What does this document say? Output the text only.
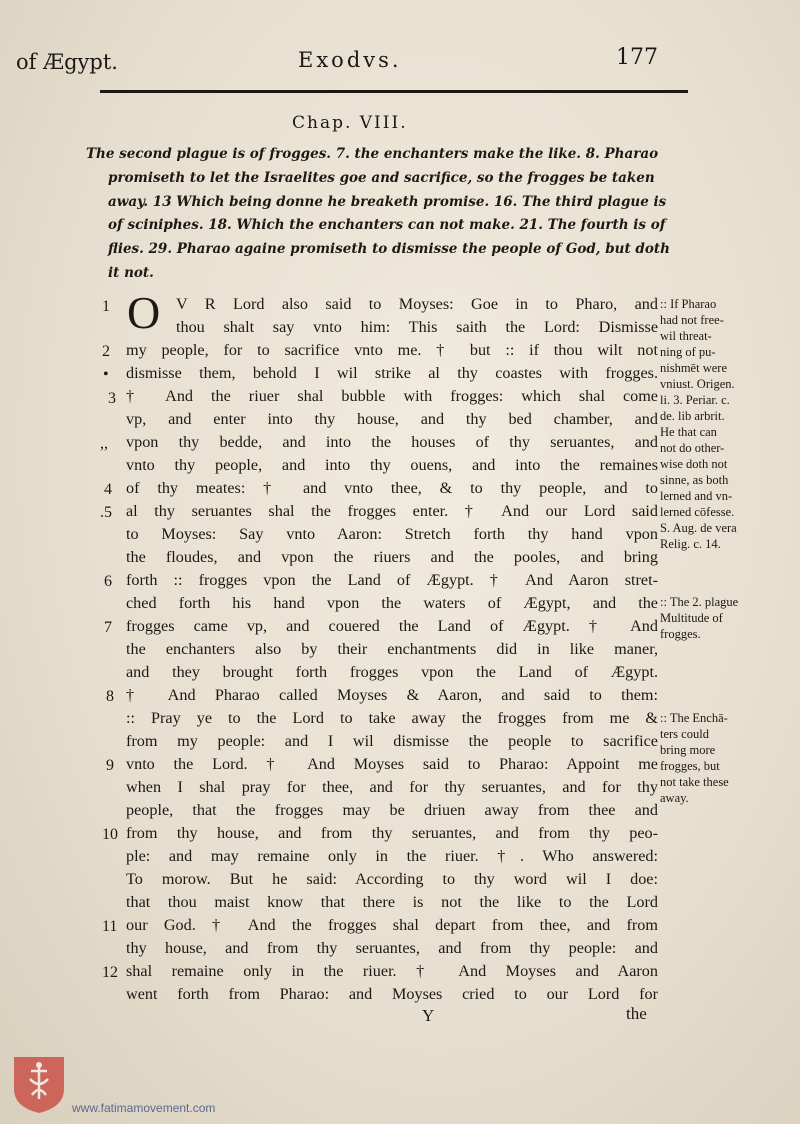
of Ægypt.	Exodvs.	177
Chap. VIII.
The second plague is of frogges. 7. the enchanters make the like. 8. Pharao
promiseth to let the Israelites goe and sacrifice, so the frogges be taken
away. 13 Which being donne he breaketh promise. 16. The third plague is
of sciniphes. 18. Which the enchanters can not make. 21. The fourth is of
flies. 29. Pharao againe promiseth to dismisse the people of God, but doth
it not.
O V R Lord also said to Moyses: Goe in to Pharo, and
thou shalt say vnto him: This saith the Lord: Dismisse
my people, for to sacrifice vnto me. † but :: if thou wilt not
dismisse them, behold I wil strike al thy coastes with frogges.
† And the riuer shal bubble with frogges: which shal come
vp, and enter into thy house, and thy bed chamber, and
vpon thy bedde, and into the houses of thy seruantes, and
vnto thy people, and into thy ouens, and into the remaines
of thy meates: † and vnto thee, & to thy people, and to
al thy seruantes shal the frogges enter. † And our Lord said
to Moyses: Say vnto Aaron: Stretch forth thy hand vpon
the floudes, and vpon the riuers and the pooles, and bring
forth :: frogges vpon the Land of Ægypt. † And Aaron stret-
ched forth his hand vpon the waters of Ægypt, and the
frogges came vp, and couered the Land of Ægypt. † And
the enchanters also by their enchantments did in like maner,
and they brought forth frogges vpon the Land of Ægypt.
† And Pharao called Moyses & Aaron, and said to them:
:: Pray ye to the Lord to take away the frogges from me &
from my people: and I wil dismisse the people to sacrifice
vnto the Lord. † And Moyses said to Pharao: Appoint me
when I shal pray for thee, and for thy seruantes, and for thy
people, that the frogges may be driuen away from thee and
from thy house, and from thy seruantes, and from thy peo-
ple: and may remaine only in the riuer. †. Who answered:
To morow. But he said: According to thy word wil I doe:
that thou maist know that there is not the like to the Lord
our God. † And the frogges shal depart from thee, and from
thy house, and from thy seruantes, and from thy people: and
shal remaine only in the riuer. † And Moyses and Aaron
went forth from Pharao: and Moyses cried to our Lord for
1
2
•
3
,,
4
.5
6
7
8
9
10
11
12
:: If Pharao
had not free-
wil threat-
ning of pu-
nishmēt were
vniust. Origen.
li. 3. Periar. c.
de. lib arbrit.
He that can
not do other-
wise doth not
sinne, as both
lerned and vn-
lerned cōfesse.
S. Aug. de vera
Relig. c. 14.
:: The 2. plague
Multitude of
frogges.
:: The Enchā-
ters could
bring more
frogges, but
not take these
away.
Y	the
www.fatimamovement.com
